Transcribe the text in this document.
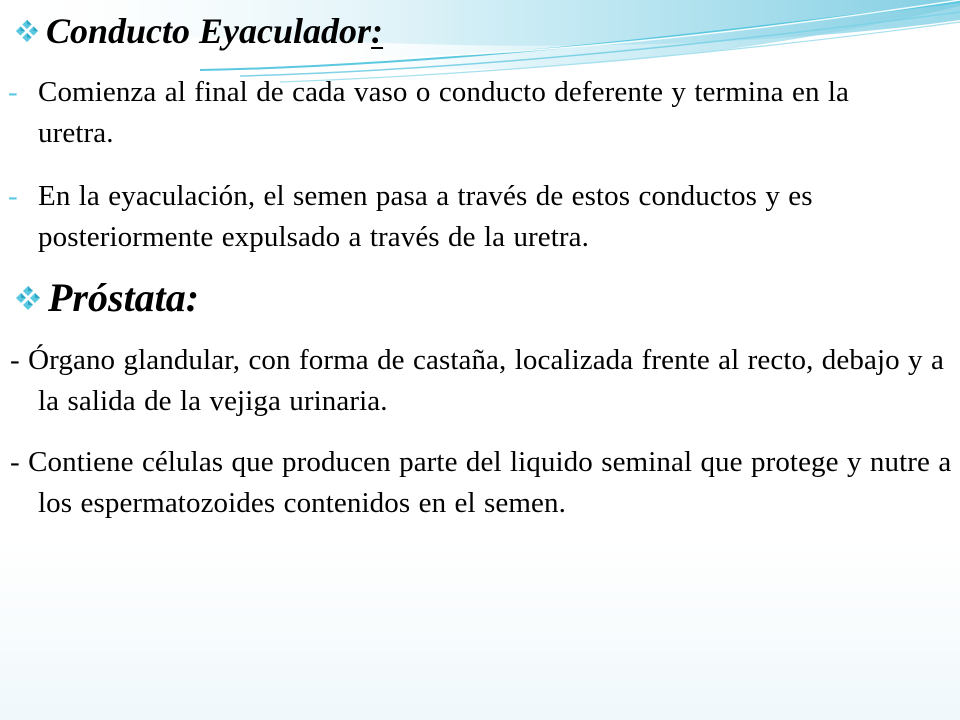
Conducto Eyaculador :
- Comienza al final de cada vaso o conducto deferente y termina en la uretra.
- En la eyaculación, el semen pasa a través de estos conductos y es posteriormente expulsado a través de la uretra.
Próstata:
- Órgano glandular, con forma de castaña, localizada frente al recto, debajo y a la salida de la vejiga urinaria.
- Contiene células que producen parte del liquido seminal que protege y nutre a los espermatozoides contenidos en el semen.
